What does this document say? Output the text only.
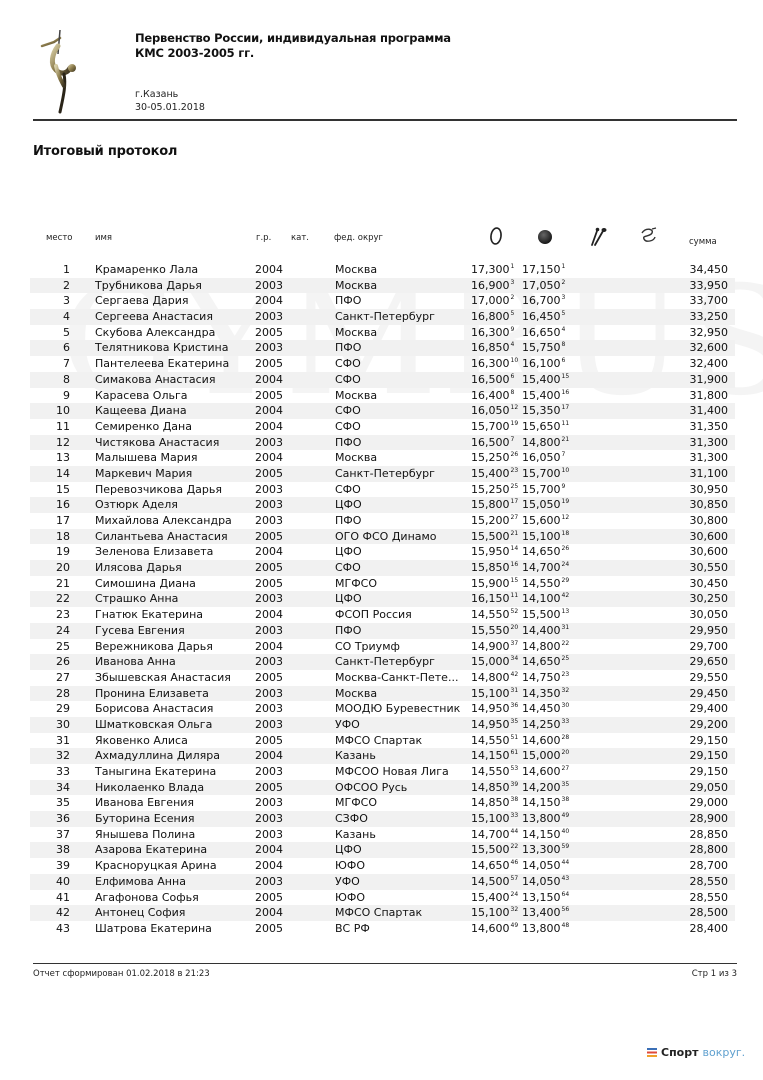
Первенство России, индивидуальная программа
КМС 2003-2005 гг.
г.Казань
30-05.01.2018
Итоговый протокол
место	имя	г.р. кат.	фед. округ	сумма
1 Крамаренко Лала	2004	Москва	17,300$^1$ 17,150$^1$	34,450
2 Трубникова Дарья	2003	Москва	16,900$^3$ 17,050$^2$	33,950
3 Сергаева Дария	2004	ПФО	17,000$^2$ 16,700$^3$	33,700
4 Сергеева Анастасия	2003	Санкт-Петербург	16,800$^5$ 16,450$^5$	33,250
5 Скубова Александра	2005	Москва	16,300$^9$ 16,650$^4$	32,950
6 Телятникова Кристина 2003	ПФО	16,850$^4$ 15,750$^8$	32,600
7 Пантелеева Екатерина 2005	СФО	16,300$^{10}$ 16,100$^6$	32,400
8 Симакова Анастасия	2004	СФО	16,500$^6$ 15,400$^{15}$	31,900
9 Карасева Ольга	2005	Москва	16,400$^8$ 15,400$^{16}$	31,800
10 Кащеева Диана	2004	СФО	16,050$^{12}$ 15,350$^{17}$	31,400
11 Семиренко Дана	2004	СФО	15,700$^{19}$ 15,650$^{11}$	31,350
12 Чистякова Анастасия	2003	ПФО	16,500$^7$ 14,800$^{21}$	31,300
13 Малышева Мария	2004	Москва	15,250$^{26}$ 16,050$^7$	31,300
14 Маркевич Мария	2005	Санкт-Петербург	15,400$^{23}$ 15,700$^{10}$	31,100
15 Перевозчикова Дарья	2003	СФО	15,250$^{25}$ 15,700$^9$	30,950
16 Озтюрк Аделя	2003	ЦФО	15,800$^{17}$ 15,050$^{19}$	30,850
17 Михайлова Александра 2003	ПФО	15,200$^{27}$ 15,600$^{12}$	30,800
18 Силантьева Анастасия 2005	ОГО ФСО Динамо	15,500$^{21}$ 15,100$^{18}$	30,600
19 Зеленова Елизавета	2004	ЦФО	15,950$^{14}$ 14,650$^{26}$	30,600
20 Илясова Дарья	2005	СФО	15,850$^{16}$ 14,700$^{24}$	30,550
21 Симошина Диана	2005	МГФСО	15,900$^{15}$ 14,550$^{29}$	30,450
22 Страшко Анна	2003	ЦФО	16,150$^{11}$ 14,100$^{42}$	30,250
23 Гнатюк Екатерина	2004	ФСОП Россия	14,550$^{52}$ 15,500$^{13}$	30,050
24 Гусева Евгения	2003	ПФО	15,550$^{20}$ 14,400$^{31}$	29,950
25 Вережникова Дарья	2004	СО Триумф	14,900$^{37}$ 14,800$^{22}$	29,700
26 Иванова Анна	2003	Санкт-Петербург	15,000$^{34}$ 14,650$^{25}$	29,650
27 Збышевская Анастасия 2005	Москва-Санкт-Пете...	14,800$^{42}$ 14,750$^{23}$	29,550
28 Пронина Елизавета	2003	Москва	15,100$^{31}$ 14,350$^{32}$	29,450
29 Борисова Анастасия	2003	МООДЮ Буревестник 14,950$^{36}$ 14,450$^{30}$	29,400
30 Шматковская Ольга	2003	УФО	14,950$^{35}$ 14,250$^{33}$	29,200
31 Яковенко Алиса	2005	МФСО Спартак	14,550$^{51}$ 14,600$^{28}$	29,150
32 Ахмадуллина Диляра	2004	Казань	14,150$^{61}$ 15,000$^{20}$	29,150
33 Таныгина Екатерина	2003	МФСОО Новая Лига	14,550$^{53}$ 14,600$^{27}$	29,150
34 Николаенко Влада	2005	ОФСОО Русь	14,850$^{39}$ 14,200$^{35}$	29,050
35 Иванова Евгения	2003	МГФСО	14,850$^{38}$ 14,150$^{38}$	29,000
36 Буторина Есения	2003	СЗФО	15,100$^{33}$ 13,800$^{49}$	28,900
37 Янышева Полина	2003	Казань	14,700$^{44}$ 14,150$^{40}$	28,850
38 Азарова Екатерина	2004	ЦФО	15,500$^{22}$ 13,300$^{59}$	28,800
39 Красноруцкая Арина	2004	ЮФО	14,650$^{46}$ 14,050$^{44}$	28,700
40 Елфимова Анна	2003	УФО	14,500$^{57}$ 14,050$^{43}$	28,550
41 Агафонова Софья	2005	ЮФО	15,400$^{24}$ 13,150$^{64}$	28,550
42 Антонец София	2004	МФСО Спартак	15,100$^{32}$ 13,400$^{56}$	28,500
43 Шатрова Екатерина	2005	ВС РФ	14,600$^{49}$ 13,800$^{48}$	28,400
Отчет сформирован 01.02.2018 в 21:23	Стр 1 из 3
Спорт вокруг.
